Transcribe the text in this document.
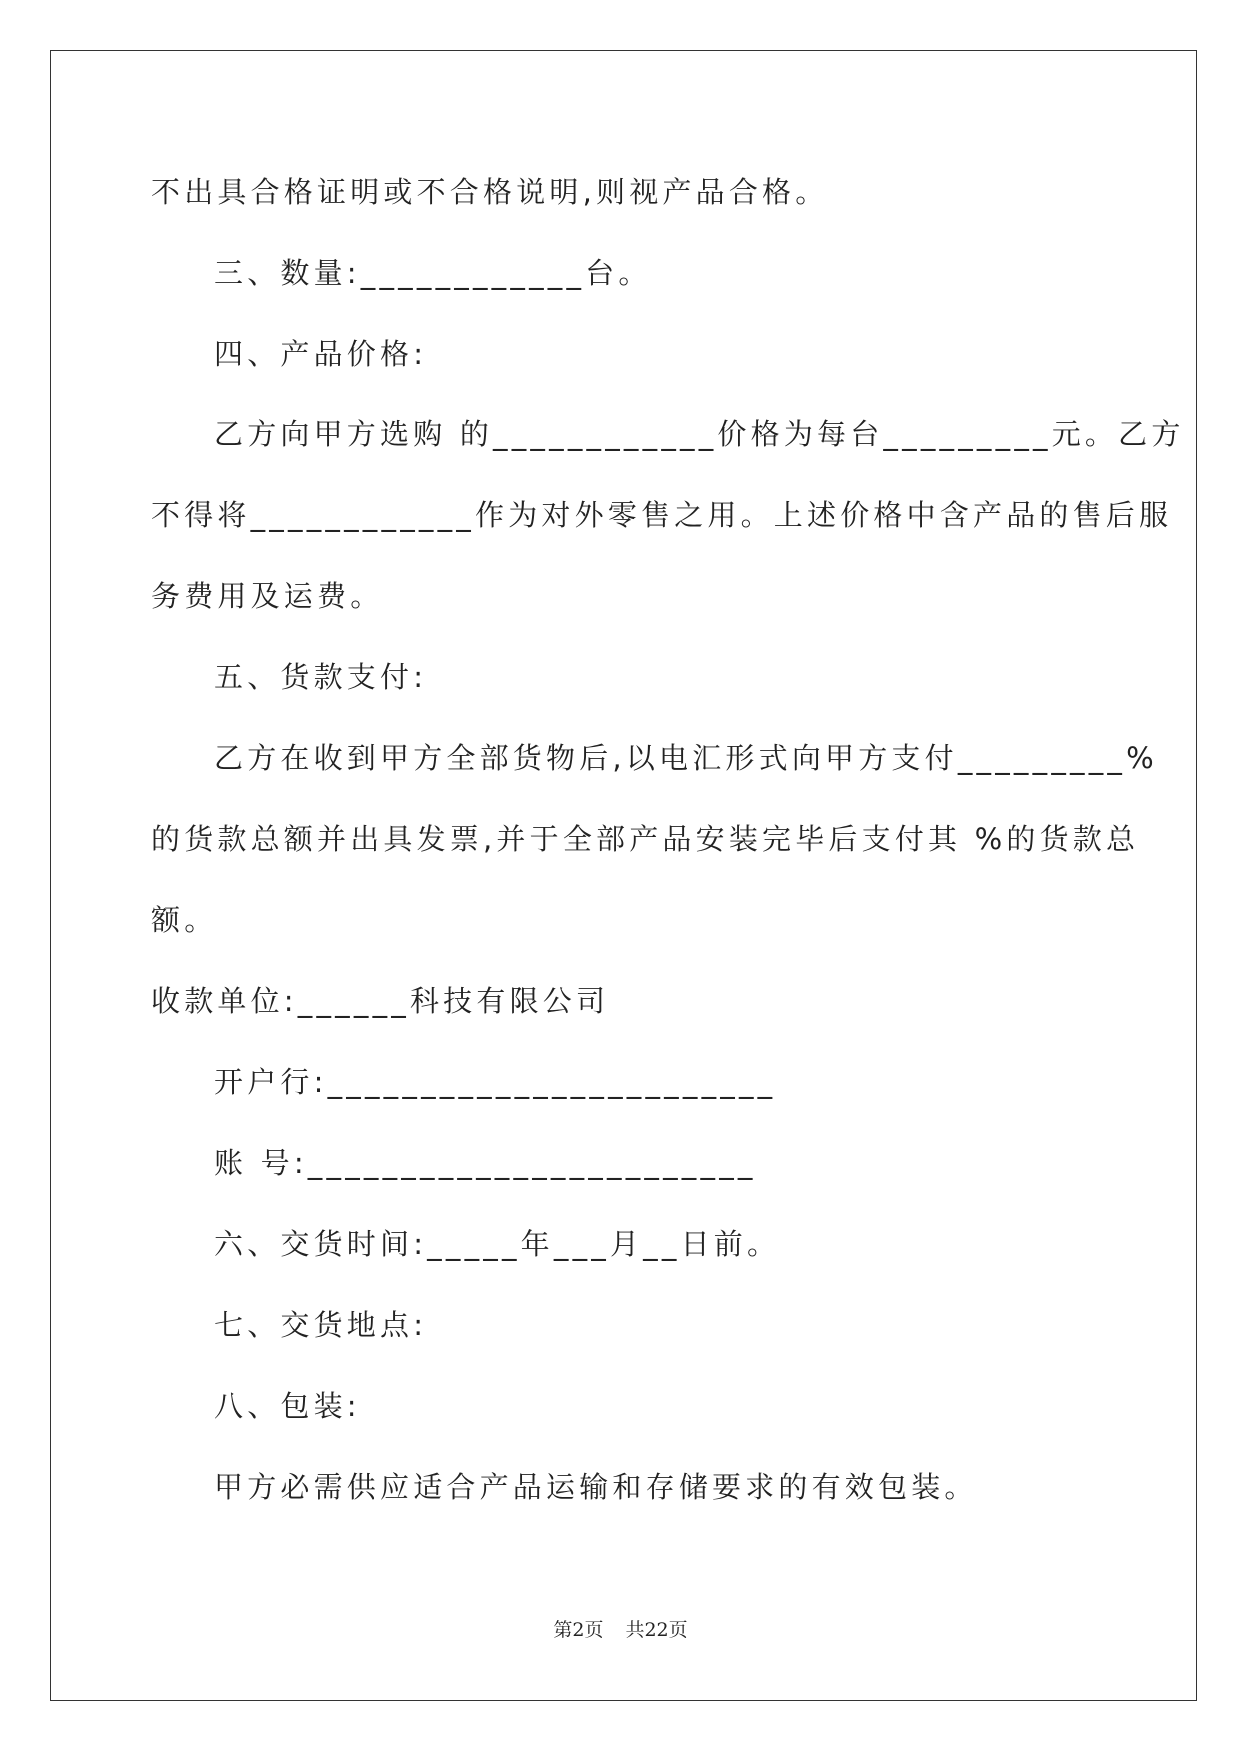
不出具合格证明或不合格说明,则视产品合格。
三、数量:____________台。
四、产品价格:
乙方向甲方选购 的____________价格为每台_________元。乙方
不得将____________作为对外零售之用。上述价格中含产品的售后服
务费用及运费。
五、货款支付:
乙方在收到甲方全部货物后,以电汇形式向甲方支付_________%
的货款总额并出具发票,并于全部产品安装完毕后支付其 %的货款总
额。
收款单位:______科技有限公司
开户行:________________________
账 号:________________________
六、交货时间:_____年___月__日前。
七、交货地点:
八、包装:
甲方必需供应适合产品运输和存储要求的有效包装。
第2页 共22页
